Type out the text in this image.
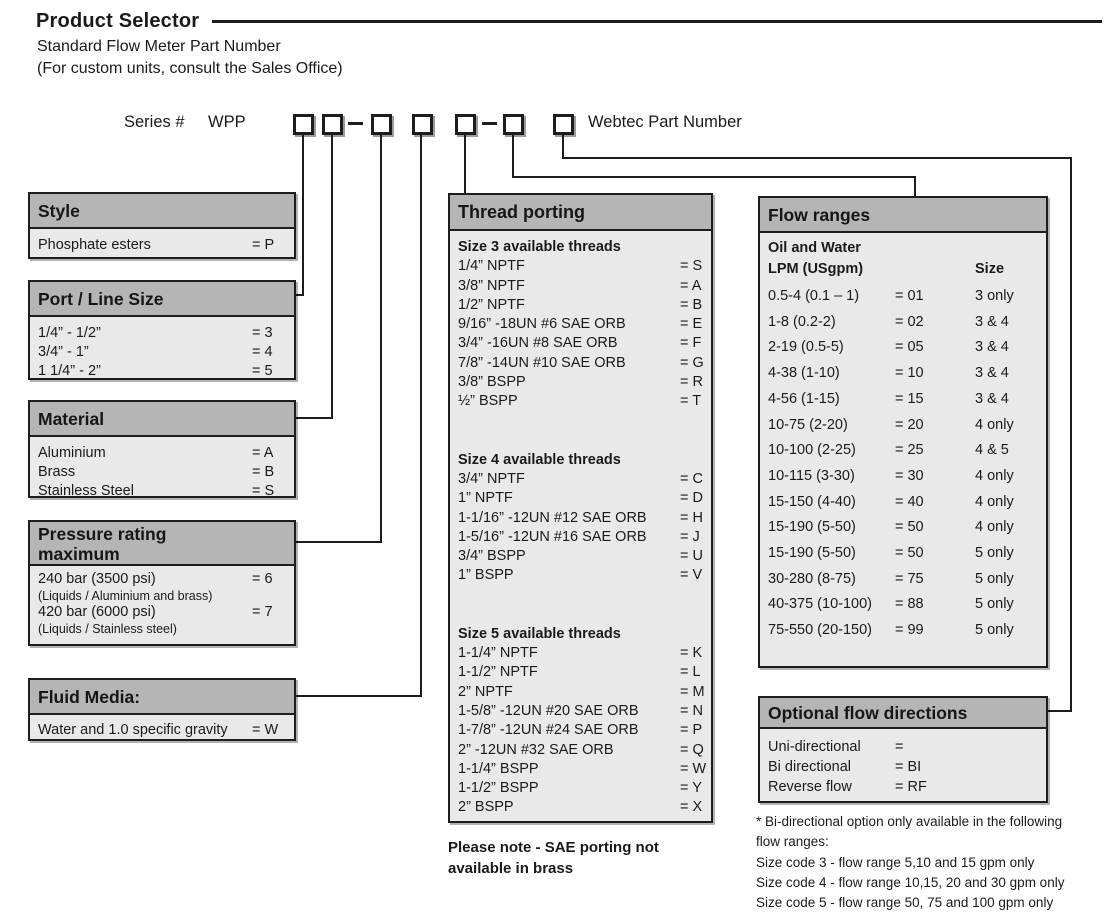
Product Selector
Standard Flow Meter Part Number
(For custom units, consult the Sales Office)
Series # WPP	Webtec Part Number
Style
Phosphate esters	= P
Port / Line Size
1/4” - 1/2”	= 3
3/4” - 1”	= 4
1 1/4” - 2”	= 5
Material
Aluminium	= A
Brass	= B
Stainless Steel	= S
Pressure rating
maximum
240 bar (3500 psi)	= 6
(Liquids / Aluminium and brass)
420 bar (6000 psi)	= 7
(Liquids / Stainless steel)
Fluid Media:
Water and 1.0 specific gravity = W
Thread porting
Size 3 available threads
1/4” NPTF	= S
3/8” NPTF	= A
1/2” NPTF	= B
9/16” -18UN #6 SAE ORB	= E
3/4” -16UN #8 SAE ORB	= F
7/8” -14UN #10 SAE ORB	= G
3/8” BSPP	= R
½” BSPP	= T
Size 4 available threads
3/4” NPTF	= C
1” NPTF	= D
1-1/16” -12UN #12 SAE ORB = H
1-5/16” -12UN #16 SAE ORB = J
3/4” BSPP	= U
1” BSPP	= V
Size 5 available threads
1-1/4” NPTF	= K
1-1/2” NPTF	= L
2” NPTF	= M
1-5/8” -12UN #20 SAE ORB	= N
1-7/8” -12UN #24 SAE ORB	= P
2” -12UN #32 SAE ORB	= Q
1-1/4” BSPP	= W
1-1/2” BSPP	= Y
2” BSPP	= X
Flow ranges
Oil and Water
LPM (USgpm)	Size
0.5-4 (0.1 – 1) = 01	3 only
1-8 (0.2-2)	= 02	3 & 4
2-19 (0.5-5)	= 05	3 & 4
4-38 (1-10)	= 10	3 & 4
4-56 (1-15)	= 15	3 & 4
10-75 (2-20)	= 20	4 only
10-100 (2-25)	= 25	4 & 5
10-115 (3-30)	= 30	4 only
15-150 (4-40)	= 40	4 only
15-190 (5-50)	= 50	4 only
15-190 (5-50)	= 50	5 only
30-280 (8-75)	= 75	5 only
40-375 (10-100) = 88	5 only
75-550 (20-150) = 99	5 only
Optional flow directions
Uni-directional =
Bi directional	= BI
Reverse flow	= RF
Please note - SAE porting not
available in brass
* Bi-directional option only available in the following
flow ranges:
Size code 3 - flow range 5,10 and 15 gpm only
Size code 4 - flow range 10,15, 20 and 30 gpm only
Size code 5 - flow range 50, 75 and 100 gpm only
